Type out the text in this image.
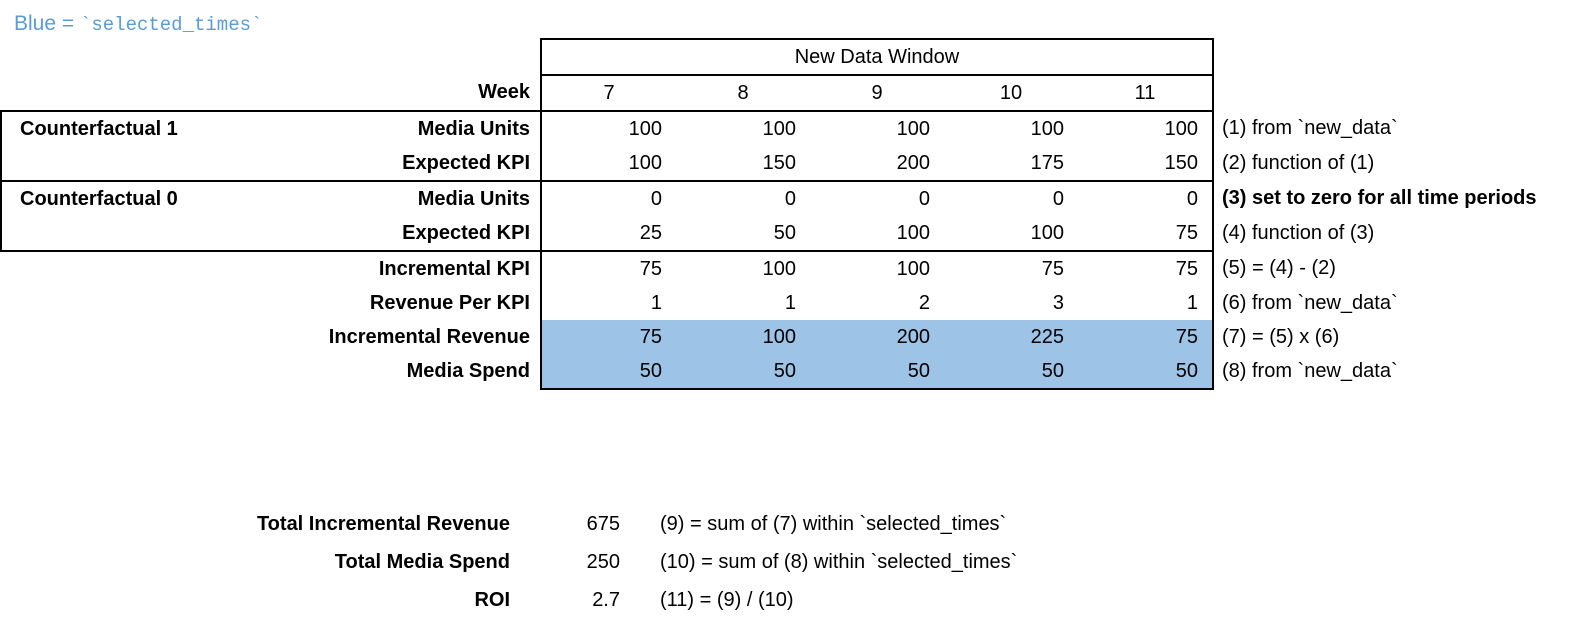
Blue = `selected_times`
		New Data Window					
	Week	7	8	9	10	11	
Counterfactual 1	Media Units	100	100	100	100	100	(1) from `new_data`
	Expected KPI	100	150	200	175	150	(2) function of (1)
Counterfactual 0	Media Units	0	0	0	0	0	(3) set to zero for all time periods
	Expected KPI	25	50	100	100	75	(4) function of (3)
	Incremental KPI	75	100	100	75	75	(5) = (4) - (2)
	Revenue Per KPI	1	1	2	3	1	(6) from `new_data`
	Incremental Revenue	75	100	200	225	75	(7) = (5) x (6)
	Media Spend	50	50	50	50	50	(8) from `new_data`
Total Incremental Revenue	675	(9) = sum of (7) within `selected_times`
Total Media Spend	250	(10) = sum of (8) within `selected_times`
ROI	2.7	(11) = (9) / (10)
